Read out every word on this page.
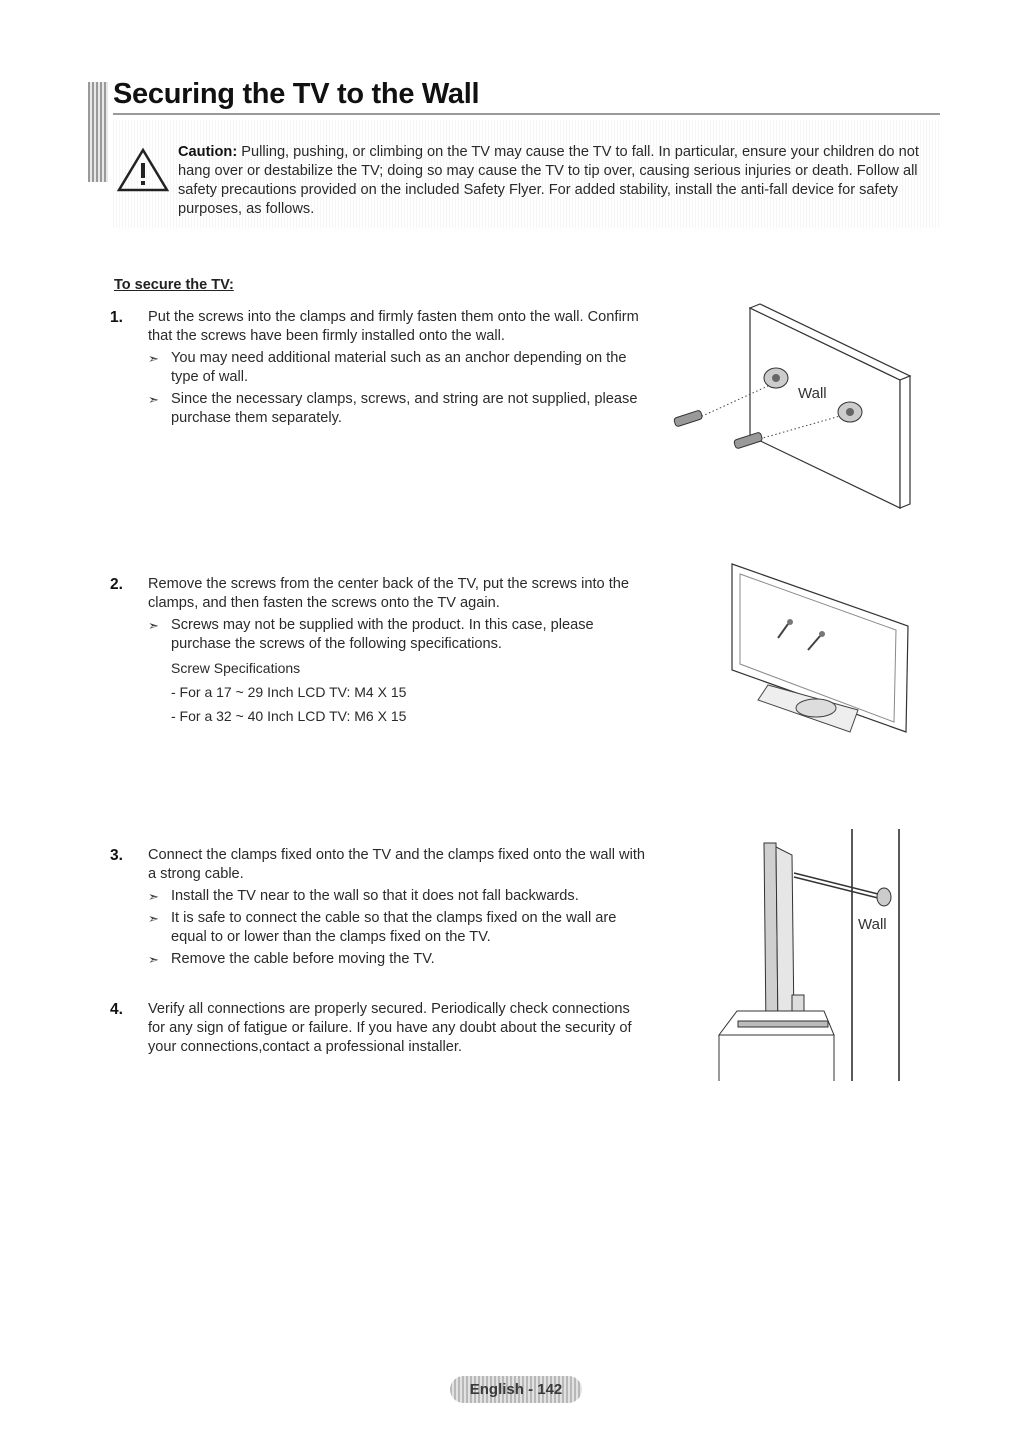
Securing the TV to the Wall
Caution: Pulling, pushing, or climbing on the TV may cause the TV to fall. In particular, ensure your children do not hang over or destabilize the TV; doing so may cause the TV to tip over, causing serious injuries or death. Follow all safety precautions provided on the included Safety Flyer. For added stability, install the anti-fall device for safety purposes, as follows.
To secure the TV:
1. Put the screws into the clamps and firmly fasten them onto the wall. Confirm that the screws have been firmly installed onto the wall.
➣ You may need additional material such as an anchor depending on the type of wall.
➣ Since the necessary clamps, screws, and string are not supplied, please purchase them separately.
Wall
2. Remove the screws from the center back of the TV, put the screws into the clamps, and then fasten the screws onto the TV again.
➣ Screws may not be supplied with the product. In this case, please purchase the screws of the following specifications.
Screw Specifications
- For a 17 ~ 29 Inch LCD TV: M4 X 15
- For a 32 ~ 40 Inch LCD TV: M6 X 15
3. Connect the clamps fixed onto the TV and the clamps fixed onto the wall with a strong cable.
➣ Install the TV near to the wall so that it does not fall backwards.
➣ It is safe to connect the cable so that the clamps fixed on the wall are equal to or lower than the clamps fixed on the TV.
➣ Remove the cable before moving the TV.
4. Verify all connections are properly secured. Periodically check connections for any sign of fatigue or failure. If you have any doubt about the security of your connections,contact a professional installer.
Wall
English - 142
